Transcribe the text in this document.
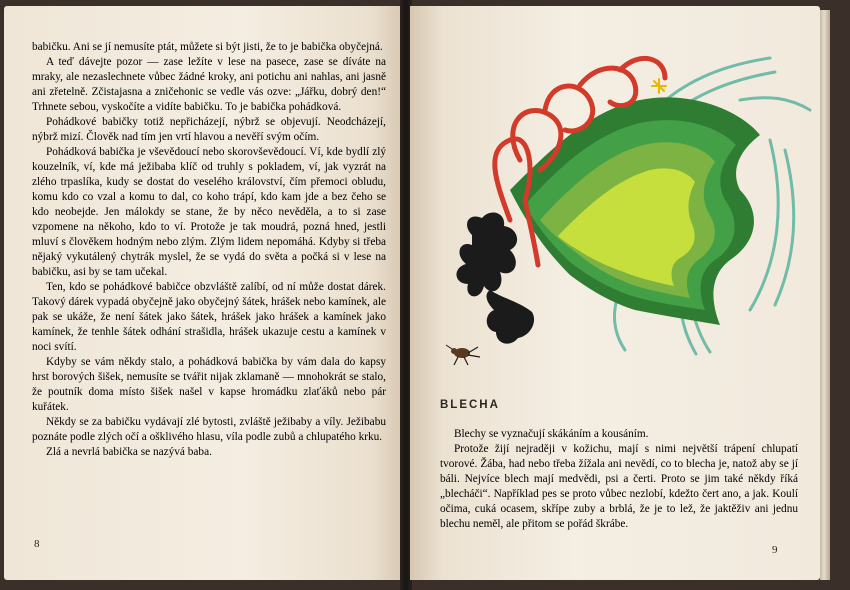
babičku. Ani se jí nemusíte ptát, můžete si být jisti, že to je babička obyčejná.

A teď dávejte pozor — zase ležíte v lese na pasece, zase se díváte na mraky, ale nezaslechnete vůbec žádné kroky, ani potichu ani nahlas, ani jasně ani zřetelně. Zčistajasna a zničehonic se vedle vás ozve: „Jářku, dobrý den!“ Trhnete sebou, vyskočíte a vidíte babičku. To je babička pohádková.

Pohádkové babičky totiž nepřicházejí, nýbrž se objevují. Neodcházejí, nýbrž mizí. Člověk nad tím jen vrtí hlavou a nevěří svým očím.

Pohádková babička je vševědoucí nebo skorovševědoucí. Ví, kde bydlí zlý kouzelník, ví, kde má ježibaba klíč od truhly s pokladem, ví, jak vyzrát na zlého trpaslíka, kudy se dostat do veselého království, čím přemoci obludu, komu kdo co vzal a komu to dal, co koho trápí, kdo kam jde a bez čeho se kdo neobejde. Jen málokdy se stane, že by něco nevěděla, a to si zase vzpomene na někoho, kdo to ví. Protože je tak moudrá, pozná hned, jestli mluví s člověkem hodným nebo zlým. Zlým lidem nepomáhá. Kdyby si třeba nějaký vykutálený chytrák myslel, že se vydá do světa a počká si v lese na babičku, asi by se tam učekal.

Ten, kdo se pohádkové babičce obzvláště zalíbí, od ní může dostat dárek. Takový dárek vypadá obyčejně jako obyčejný šátek, hrášek nebo kamínek, ale pak se ukáže, že není šátek jako šátek, hrášek jako hrášek a kamínek jako kamínek, že tenhle šátek odhání strašidla, hrášek ukazuje cestu a kamínek v noci svítí.

Kdyby se vám někdy stalo, a pohádková babička by vám dala do kapsy hrst borových šišek, nemusíte se tvářit nijak zklamaně — mnohokrát se stalo, že poutník doma místo šišek našel v kapse hromádku zlaťáků nebo pár kuřátek.

Někdy se za babičku vydávají zlé bytosti, zvláště ježibaby a víly. Ježibabu poznáte podle zlých očí a ošklivého hlasu, víla podle zubů a chlupatého krku.

Zlá a nevrlá babička se nazývá baba.

8
BLECHA

Blechy se vyznačují skákáním a kousáním.

Protože žijí nejraději v kožichu, mají s nimi největší trápení chlupatí tvorové. Žába, had nebo třeba žížala ani nevědí, co to blecha je, natož aby se jí báli. Nejvíce blech mají medvědi, psi a čerti. Proto se jim také někdy říká „blecháči“. Například pes se proto vůbec nezlobí, kdežto čert ano, a jak. Koulí očima, cuká ocasem, skřípe zuby a brblá, že je to lež, že jaktěživ ani jednu blechu neměl, ale přitom se pořád škrábe.

9
